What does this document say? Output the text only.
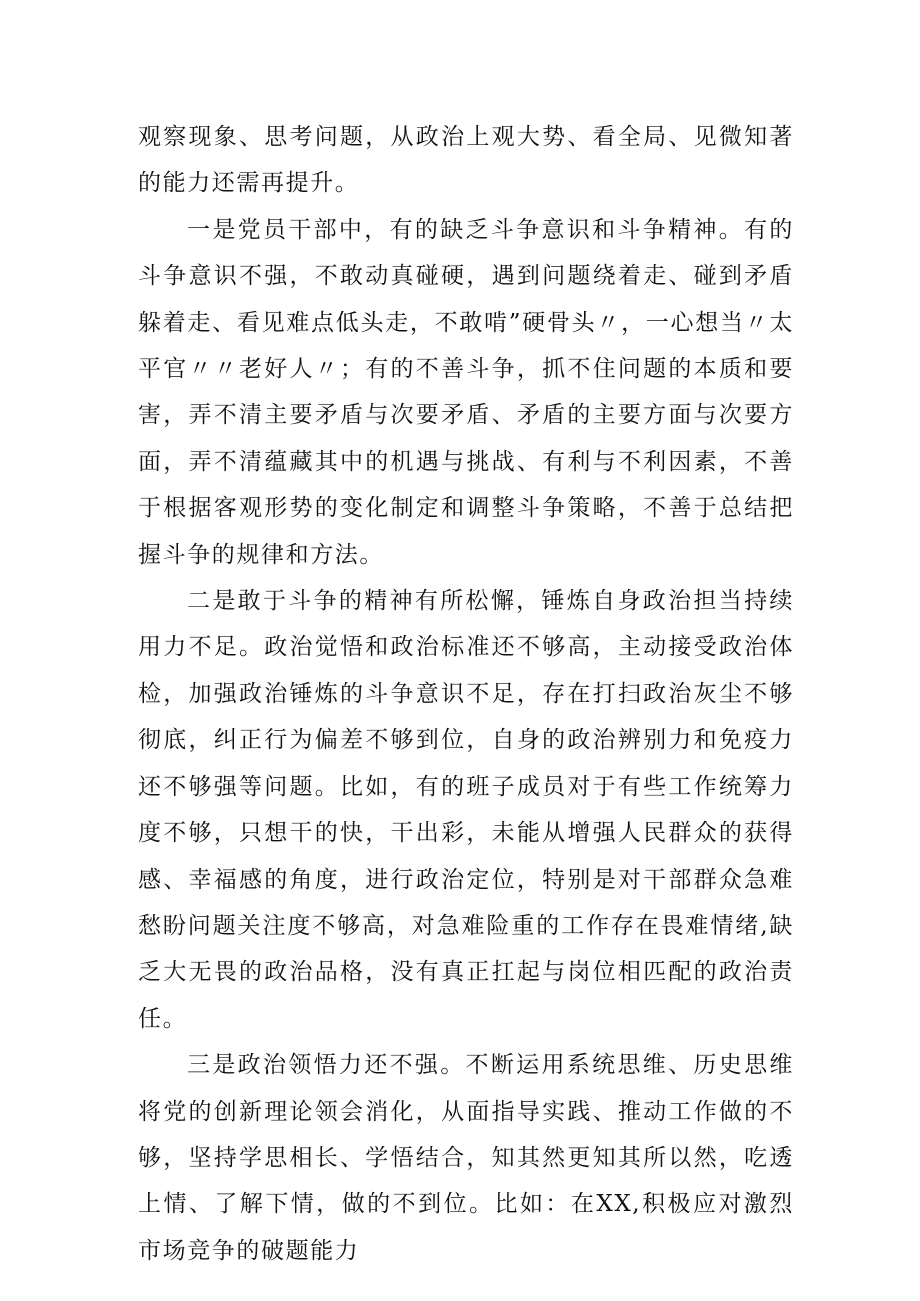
观察现象、思考问题，从政治上观大势、看全局、见微知著的能力还需再提升。

一是党员干部中，有的缺乏斗争意识和斗争精神。有的斗争意识不强，不敢动真碰硬，遇到问题绕着走、碰到矛盾躲着走、看见难点低头走，不敢啃”硬骨头〃，一心想当〃太平官〃〃老好人〃；有的不善斗争，抓不住问题的本质和要害，弄不清主要矛盾与次要矛盾、矛盾的主要方面与次要方面，弄不清蕴藏其中的机遇与挑战、有利与不利因素，不善于根据客观形势的变化制定和调整斗争策略，不善于总结把握斗争的规律和方法。

二是敢于斗争的精神有所松懈，锤炼自身政治担当持续用力不足。政治觉悟和政治标准还不够高，主动接受政治体检，加强政治锤炼的斗争意识不足，存在打扫政治灰尘不够彻底，纠正行为偏差不够到位，自身的政治辨别力和免疫力还不够强等问题。比如，有的班子成员对于有些工作统筹力度不够，只想干的快，干出彩，未能从增强人民群众的获得感、幸福感的角度，进行政治定位，特别是对干部群众急难愁盼问题关注度不够高，对急难险重的工作存在畏难情绪,缺乏大无畏的政治品格，没有真正扛起与岗位相匹配的政治责任。

三是政治领悟力还不强。不断运用系统思维、历史思维将党的创新理论领会消化，从面指导实践、推动工作做的不够，坚持学思相长、学悟结合，知其然更知其所以然，吃透上情、了解下情，做的不到位。比如：在XX,积极应对激烈市场竞争的破题能力
